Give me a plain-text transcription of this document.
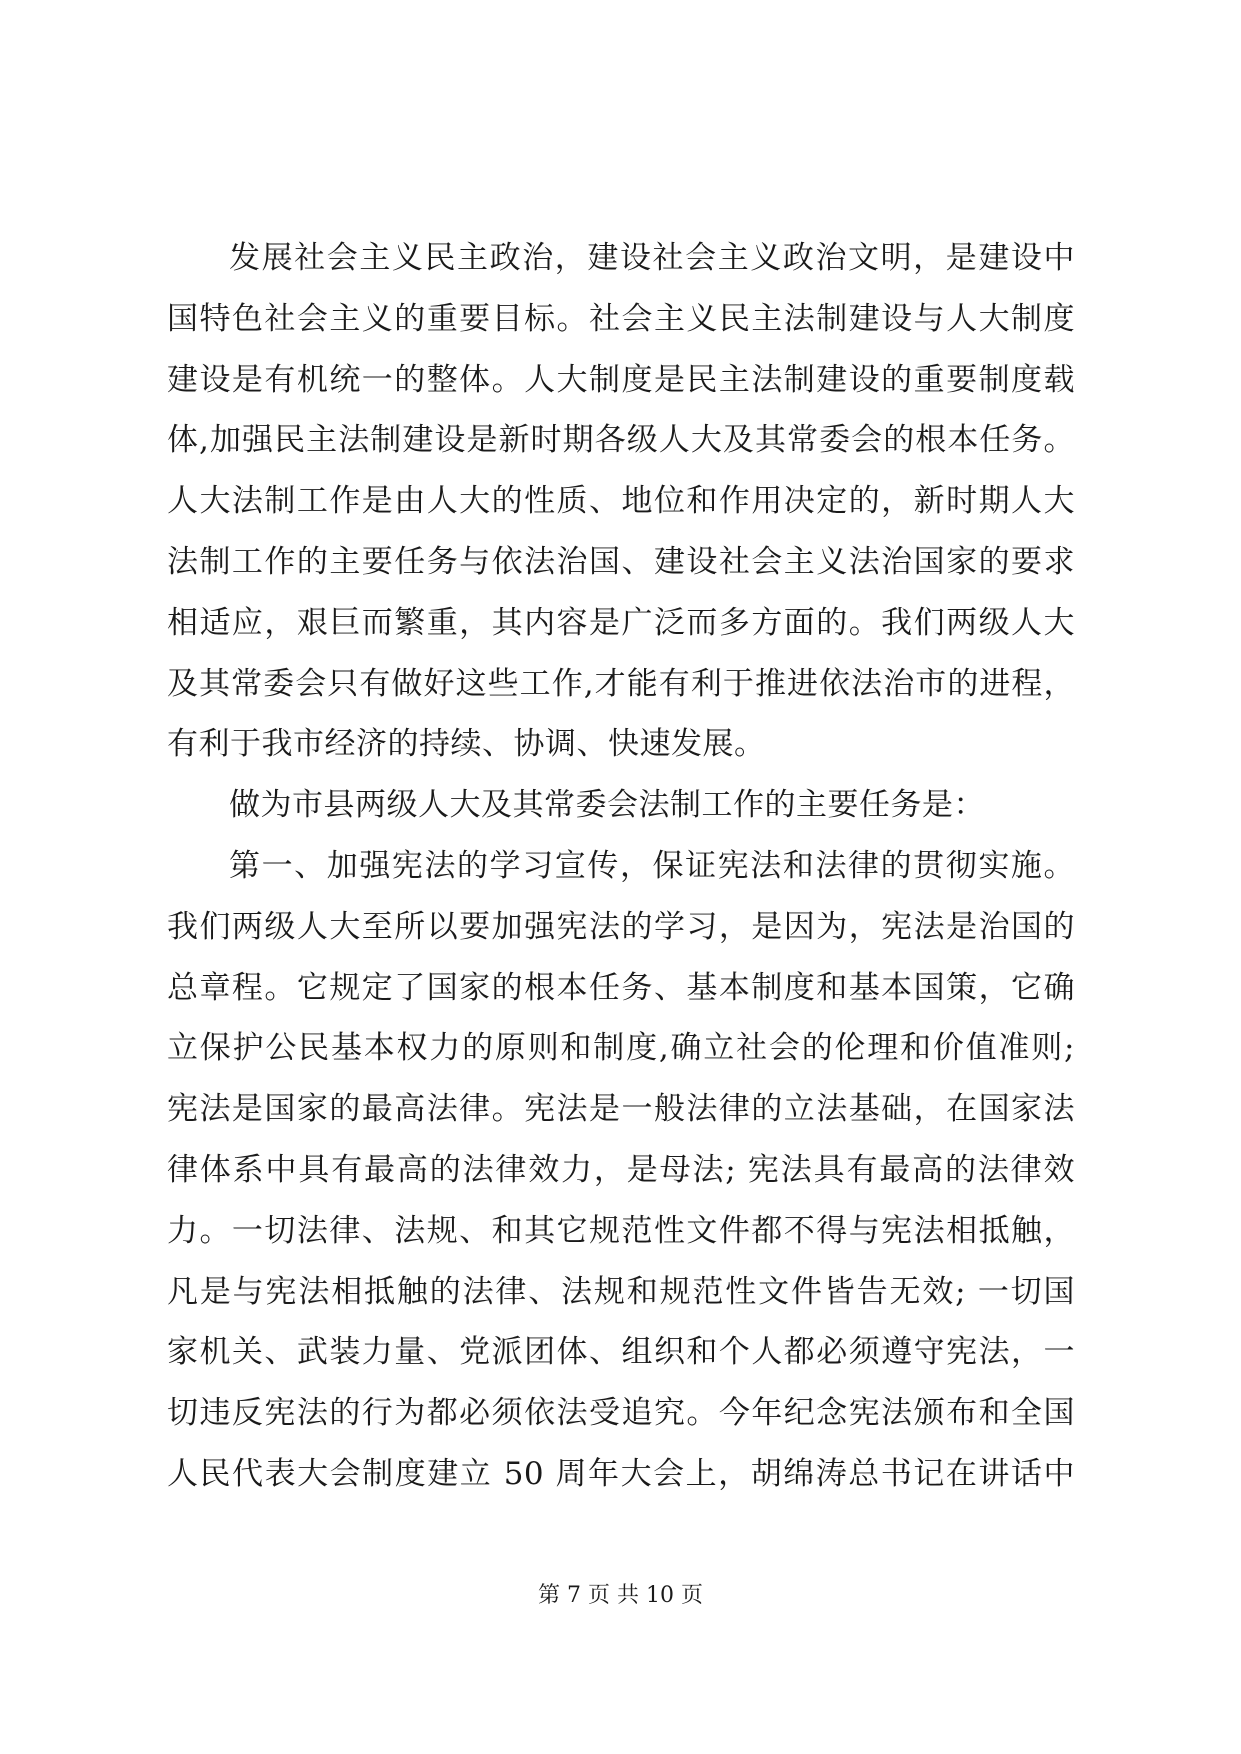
发展社会主义民主政治，建设社会主义政治文明，是建设中
国特色社会主义的重要目标。社会主义民主法制建设与人大制度
建设是有机统一的整体。人大制度是民主法制建设的重要制度载
体,加强民主法制建设是新时期各级人大及其常委会的根本任务。
人大法制工作是由人大的性质、地位和作用决定的，新时期人大
法制工作的主要任务与依法治国、建设社会主义法治国家的要求
相适应，艰巨而繁重，其内容是广泛而多方面的。我们两级人大
及其常委会只有做好这些工作,才能有利于推进依法治市的进程，
有利于我市经济的持续、协调、快速发展。
做为市县两级人大及其常委会法制工作的主要任务是：
第一、加强宪法的学习宣传，保证宪法和法律的贯彻实施。
我们两级人大至所以要加强宪法的学习，是因为，宪法是治国的
总章程。它规定了国家的根本任务、基本制度和基本国策，它确
立保护公民基本权力的原则和制度,确立社会的伦理和价值准则;
宪法是国家的最高法律。宪法是一般法律的立法基础，在国家法
律体系中具有最高的法律效力，是母法; 宪法具有最高的法律效
力。一切法律、法规、和其它规范性文件都不得与宪法相抵触，
凡是与宪法相抵触的法律、法规和规范性文件皆告无效; 一切国
家机关、武装力量、党派团体、组织和个人都必须遵守宪法，一
切违反宪法的行为都必须依法受追究。今年纪念宪法颁布和全国
人民代表大会制度建立 50 周年大会上，胡绵涛总书记在讲话中
第 7 页 共 10 页
